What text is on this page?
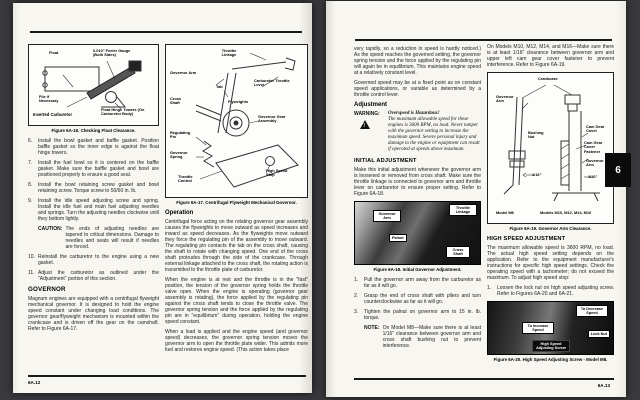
Float	0.010" Feeler Gauge (Both Sides)
File if Necessary
Float Hinge Towers (On Carburetor Body)
Inverted Carburetor
Figure 6A-16. Checking Float Clearance.
6.	Install the bowl gasket and baffle gasket. Position baffle gasket so the inner edge is against the float hinge towers.
7.	Install the fuel bowl so it is centered on the baffle gasket. Make sure the baffle gasket and bowl are positioned properly to ensure a good seal.
8.	Install the bowl retaining screw gasket and bowl retaining screw. Torque screw to 50/60 in. lb.
9.	Install the idle speed adjusting screw and spring. Install the idle fuel and main fuel adjusting needles and springs. Turn the adjusting needles clockwise until they bottom lightly.
CAUTION: The ends of adjusting needles are tapered to critical dimensions. Damage to needles and seats will result if needles are forced.
10. Reinstall the carburetor to the engine using a new gasket.
11. Adjust the carburetor as outlined under the "Adjustment" portion of this section.
GOVERNOR
Magnum engines are equipped with a centrifugal flyweight mechanical governor. It is designed to hold the engine speed constant under changing load conditions. The governor gear/flyweight mechanism is mounted within the crankcase and is driven off the gear on the camshaft. Refer to Figure 6A-17.
Throttle Linkage
Governor Arm
Tab
Carburetor Throttle Lever
Cross Shaft	Flyweights
Governor Gear Assembly
Regulating Pin
Governor Spring
Throttle Control
High Speed Stop
Figure 6A-17. Centrifugal Flyweight Mechanical Governor.
Operation
Centrifugal force acting on the rotating governor gear assembly causes the flyweights to move outward as speed increases and inward as speed decreases. As the flyweights move outward they force the regulating pin of the assembly to move outward. The regulating pin contacts the tab on the cross shaft, causing the shaft to rotate with changing speed. One end of the cross shaft protrudes through the side of the crankcase. Through external linkage attached to the cross shaft, the rotating action is transmitted to the throttle plate of carburetor.
When the engine is at rest and the throttle is in the "fast" position, the tension of the governor spring holds the throttle valve open. When the engine is operating (governor gear assembly is rotating), the force applied by the regulating pin against the cross shaft tends to close the throttle valve. The governor spring tension and the force applied by the regulating pin are in "equilibrium" during operation, holding the engine speed constant.
When a load is applied and the engine speed (and governor speed) decreases, the governor spring tension moves the governor arm to open the throttle plate wider. This admits more fuel and restores engine speed. (This action takes place
6A.12
very rapidly, so a reduction in speed is hardly noticed.) As the speed reaches the governed setting, the governor spring tension and the force applied by the regulating pin will again be in equilibrium. This maintains engine speed at a relatively constant level.
Governed speed may be at a fixed point as on constant speed applications, or variable as determined by a throttle control lever.
Adjustment
WARNING:
!
Overspeed is Hazardous!
The maximum allowable speed for these engines is 3600 RPM, no load. Never tamper with the governor setting to increase the maximum speed. Severe personal injury and damage to the engine or equipment can result if operated at speeds above maximum.
INITIAL ADJUSTMENT
Make this initial adjustment whenever the governor arm is loosened or removed from cross shaft. Make sure the throttle linkage is connected to governor arm and throttle lever on carburetor to ensure proper setting. Refer to Figure 6A-18.
Governor Arm
Throttle Linkage
Palnut
Cross Shaft
Figure 6A-18. Initial Governor Adjustment.
1.	Pull the governor arm away from the carburetor as far as it will go.
2.	Grasp the end of cross shaft with pliers and turn counterclockwise as far as it will go.
3.	Tighten the palnut on governor arm to 15 in. lb. torque.
NOTE: On Model M8—Make sure there is at least 1/16" clearance between governor arm and cross shaft bushing nut to prevent interference.
On Models M10, M12, M14, and M16—Make sure there is at least 1/16" clearance between governor arm and upper left cam gear cover fastener to prevent interference. Refer to Figure 6A-19.
Crankcase
Governor Arm
Bushing Nut
1/16"
Cam Gear Cover
Cam Gear Cover Fastener
Governor Arm
1/16"
Model M8	Models M10, M12, M14, M16
Figure 6A-19. Governor Arm Clearance.
HIGH SPEED ADJUSTMENT
The maximum allowable speed is 3600 RPM, no load. The actual high speed setting depends on the application. Refer to the equipment manufacturer's instructions for specific high speed settings. Check the operating speed with a tachometer; do not exceed the maximum. To adjust high speed stop:
1.	Loosen the lock nut on high speed adjusting screw. Refer to Figures 6A-20 and 6A-21.
To Decrease Speed
To Increase Speed
Lock Nut
High Speed Adjusting Screw
Figure 6A-20. High Speed Adjusting Screw - Model M8.
6A.13
6
